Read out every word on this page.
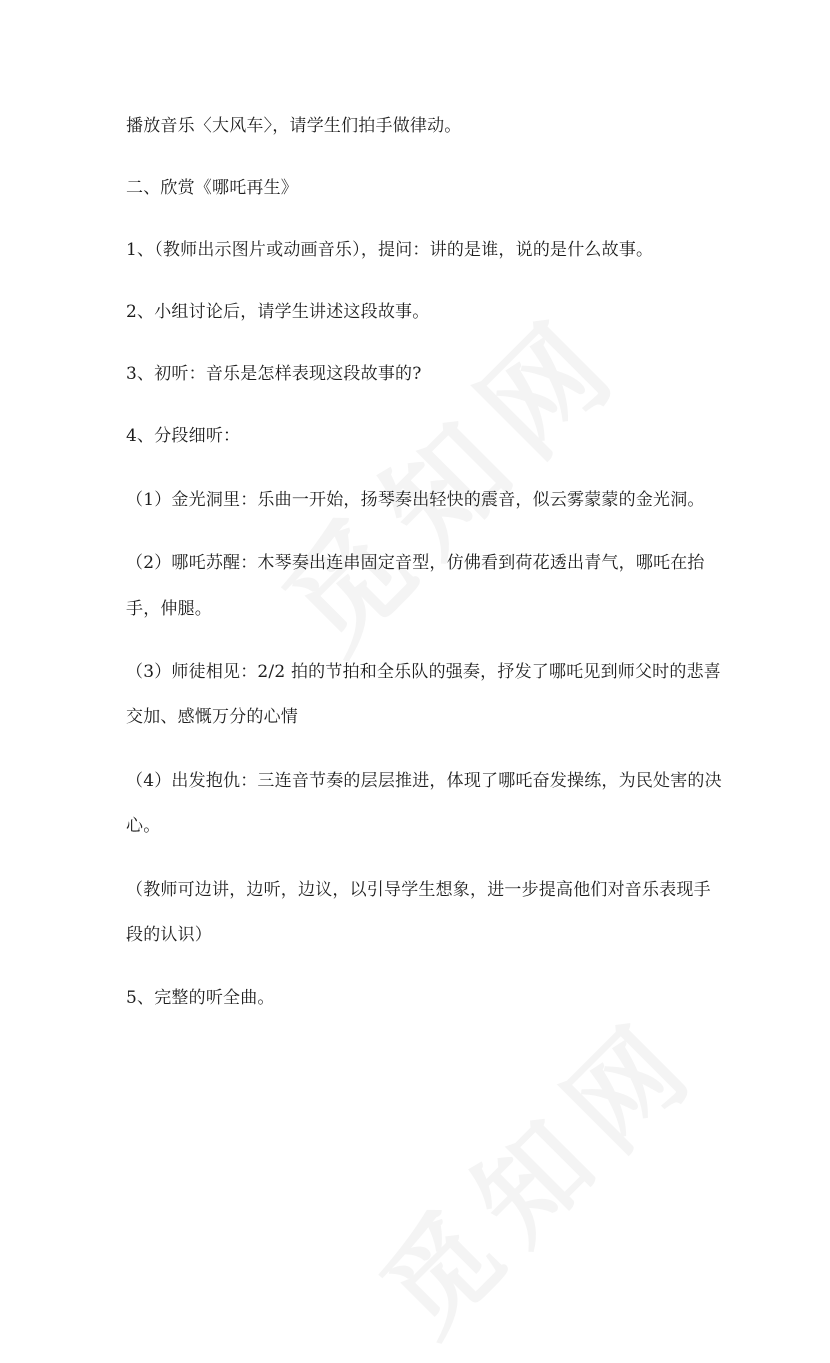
播放音乐〈大风车〉，请学生们拍手做律动。
二、欣赏《哪吒再生》
1、（教师出示图片或动画音乐），提问：讲的是谁，说的是什么故事。
2、小组讨论后，请学生讲述这段故事。
3、初听：音乐是怎样表现这段故事的?
4、分段细听：
（1）金光洞里：乐曲一开始，扬琴奏出轻快的震音，似云雾蒙蒙的金光洞。
（2）哪吒苏醒：木琴奏出连串固定音型，仿佛看到荷花透出青气，哪吒在抬
手，伸腿。
（3）师徒相见：2/2 拍的节拍和全乐队的强奏，抒发了哪吒见到师父时的悲喜
交加、感慨万分的心情
（4）出发抱仇：三连音节奏的层层推进，体现了哪吒奋发操练，为民处害的决
心。
（教师可边讲，边听，边议，以引导学生想象，进一步提高他们对音乐表现手
段的认识）
5、完整的听全曲。
